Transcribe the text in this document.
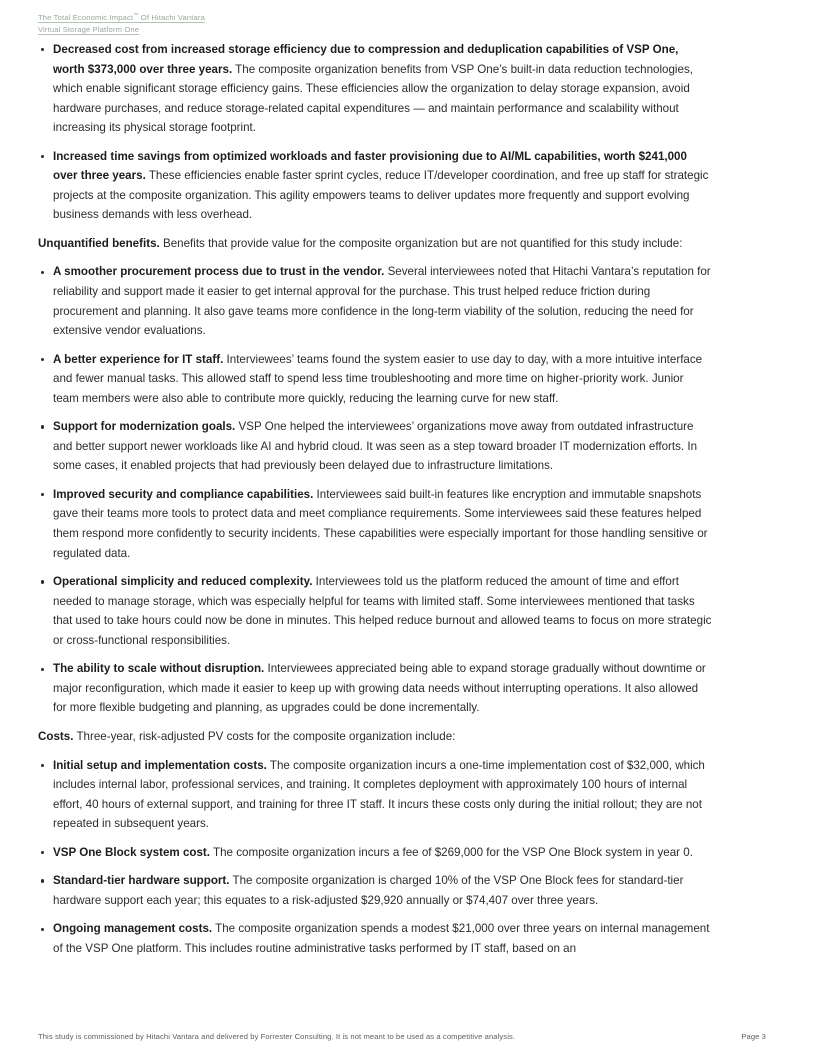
The Total Economic Impact™ Of Hitachi Vantara
Virtual Storage Platform One
Decreased cost from increased storage efficiency due to compression and deduplication capabilities of VSP One, worth $373,000 over three years. The composite organization benefits from VSP One’s built-in data reduction technologies, which enable significant storage efficiency gains. These efficiencies allow the organization to delay storage expansion, avoid hardware purchases, and reduce storage-related capital expenditures — and maintain performance and scalability without increasing its physical storage footprint.
Increased time savings from optimized workloads and faster provisioning due to AI/ML capabilities, worth $241,000 over three years. These efficiencies enable faster sprint cycles, reduce IT/developer coordination, and free up staff for strategic projects at the composite organization. This agility empowers teams to deliver updates more frequently and support evolving business demands with less overhead.

Unquantified benefits. Benefits that provide value for the composite organization but are not quantified for this study include:

A smoother procurement process due to trust in the vendor. Several interviewees noted that Hitachi Vantara’s reputation for reliability and support made it easier to get internal approval for the purchase. This trust helped reduce friction during procurement and planning. It also gave teams more confidence in the long-term viability of the solution, reducing the need for extensive vendor evaluations.
A better experience for IT staff. Interviewees’ teams found the system easier to use day to day, with a more intuitive interface and fewer manual tasks. This allowed staff to spend less time troubleshooting and more time on higher-priority work. Junior team members were also able to contribute more quickly, reducing the learning curve for new staff.
Support for modernization goals. VSP One helped the interviewees’ organizations move away from outdated infrastructure and better support newer workloads like AI and hybrid cloud. It was seen as a step toward broader IT modernization efforts. In some cases, it enabled projects that had previously been delayed due to infrastructure limitations.
Improved security and compliance capabilities. Interviewees said built-in features like encryption and immutable snapshots gave their teams more tools to protect data and meet compliance requirements. Some interviewees said these features helped them respond more confidently to security incidents. These capabilities were especially important for those handling sensitive or regulated data.
Operational simplicity and reduced complexity. Interviewees told us the platform reduced the amount of time and effort needed to manage storage, which was especially helpful for teams with limited staff. Some interviewees mentioned that tasks that used to take hours could now be done in minutes. This helped reduce burnout and allowed teams to focus on more strategic or cross-functional responsibilities.
The ability to scale without disruption. Interviewees appreciated being able to expand storage gradually without downtime or major reconfiguration, which made it easier to keep up with growing data needs without interrupting operations. It also allowed for more flexible budgeting and planning, as upgrades could be done incrementally.

Costs. Three-year, risk-adjusted PV costs for the composite organization include:

Initial setup and implementation costs. The composite organization incurs a one-time implementation cost of $32,000, which includes internal labor, professional services, and training. It completes deployment with approximately 100 hours of internal effort, 40 hours of external support, and training for three IT staff. It incurs these costs only during the initial rollout; they are not repeated in subsequent years.
VSP One Block system cost. The composite organization incurs a fee of $269,000 for the VSP One Block system in year 0.
Standard-tier hardware support. The composite organization is charged 10% of the VSP One Block fees for standard-tier hardware support each year; this equates to a risk-adjusted $29,920 annually or $74,407 over three years.
Ongoing management costs. The composite organization spends a modest $21,000 over three years on internal management of the VSP One platform. This includes routine administrative tasks performed by IT staff, based on an
This study is commissioned by Hitachi Vantara and delivered by Forrester Consulting. It is not meant to be used as a competitive analysis.	Page 3
